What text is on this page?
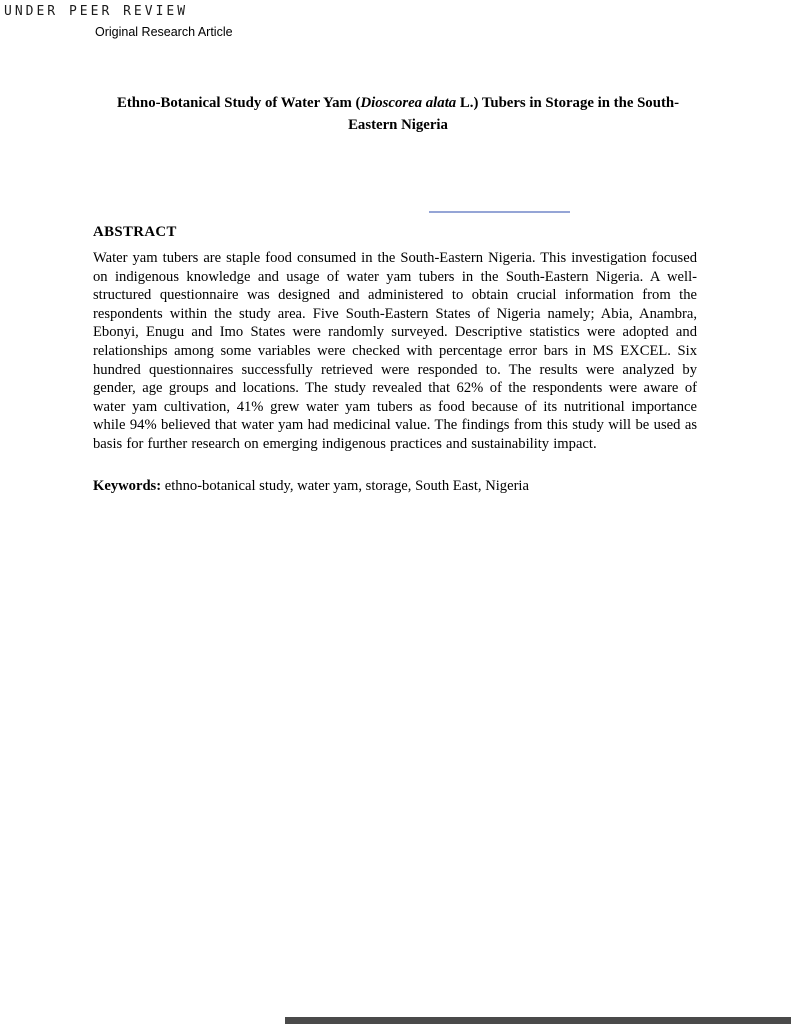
UNDER PEER REVIEW
Original Research Article
Ethno-Botanical Study of Water Yam (Dioscorea alata L.) Tubers in Storage in the South-Eastern Nigeria
ABSTRACT

Water yam tubers are staple food consumed in the South-Eastern Nigeria. This investigation focused on indigenous knowledge and usage of water yam tubers in the South-Eastern Nigeria. A well-structured questionnaire was designed and administered to obtain crucial information from the respondents within the study area. Five South-Eastern States of Nigeria namely; Abia, Anambra, Ebonyi, Enugu and Imo States were randomly surveyed. Descriptive statistics were adopted and relationships among some variables were checked with percentage error bars in MS EXCEL. Six hundred questionnaires successfully retrieved were responded to. The results were analyzed by gender, age groups and locations. The study revealed that 62% of the respondents were aware of water yam cultivation, 41% grew water yam tubers as food because of its nutritional importance while 94% believed that water yam had medicinal value. The findings from this study will be used as basis for further research on emerging indigenous practices and sustainability impact.

Keywords: ethno-botanical study, water yam, storage, South East, Nigeria
